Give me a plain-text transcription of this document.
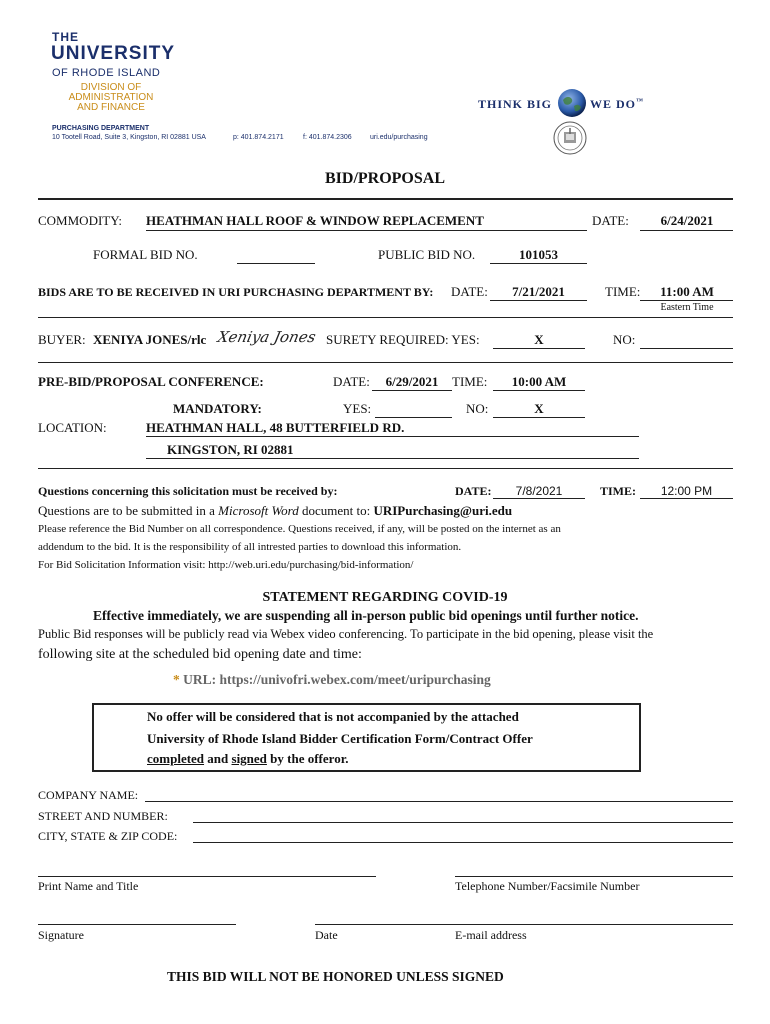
THE
UNIVERSITY
OF RHODE ISLAND
DIVISION OF
ADMINISTRATION
AND FINANCE
PURCHASING DEPARTMENT
10 Tootell Road, Suite 3, Kingston, RI 02881 USA	p: 401.874.2171	f: 401.874.2306	uri.edu/purchasing
THINK BIG	WE DO™
BID/PROPOSAL
COMMODITY: HEATHMAN HALL ROOF & WINDOW REPLACEMENT	DATE:	6/24/2021
FORMAL BID NO.	PUBLIC BID NO.	101053
BIDS ARE TO BE RECEIVED IN URI PURCHASING DEPARTMENT BY: DATE:	7/21/2021	TIME:	11:00 AM
Eastern Time
BUYER: XENIYA JONES/rlc Xeniya Jones SURETY REQUIRED: YES:	X	NO:
PRE-BID/PROPOSAL CONFERENCE:	DATE:	6/29/2021	TIME:	10:00 AM
MANDATORY:	YES:	NO:	X
LOCATION:	HEATHMAN HALL, 48 BUTTERFIELD RD.
KINGSTON, RI 02881
Questions concerning this solicitation must be received by:	DATE:	7/8/2021	TIME:	12:00 PM
Questions are to be submitted in a Microsoft Word document to: URIPurchasing@uri.edu
Please reference the Bid Number on all correspondence. Questions received, if any, will be posted on the internet as an
addendum to the bid. It is the responsibility of all intrested parties to download this information.
For Bid Solicitation Information visit: http://web.uri.edu/purchasing/bid-information/
STATEMENT REGARDING COVID-19
Effective immediately, we are suspending all in-person public bid openings until further notice.
Public Bid responses will be publicly read via Webex video conferencing. To participate in the bid opening, please visit the
following site at the scheduled bid opening date and time:
* URL: https://univofri.webex.com/meet/uripurchasing
No offer will be considered that is not accompanied by the attached
University of Rhode Island Bidder Certification Form/Contract Offer
completed and signed by the offeror.
COMPANY NAME:
STREET AND NUMBER:
CITY, STATE & ZIP CODE:
Print Name and Title	Telephone Number/Facsimile Number
Signature	Date	E-mail address
THIS BID WILL NOT BE HONORED UNLESS SIGNED
